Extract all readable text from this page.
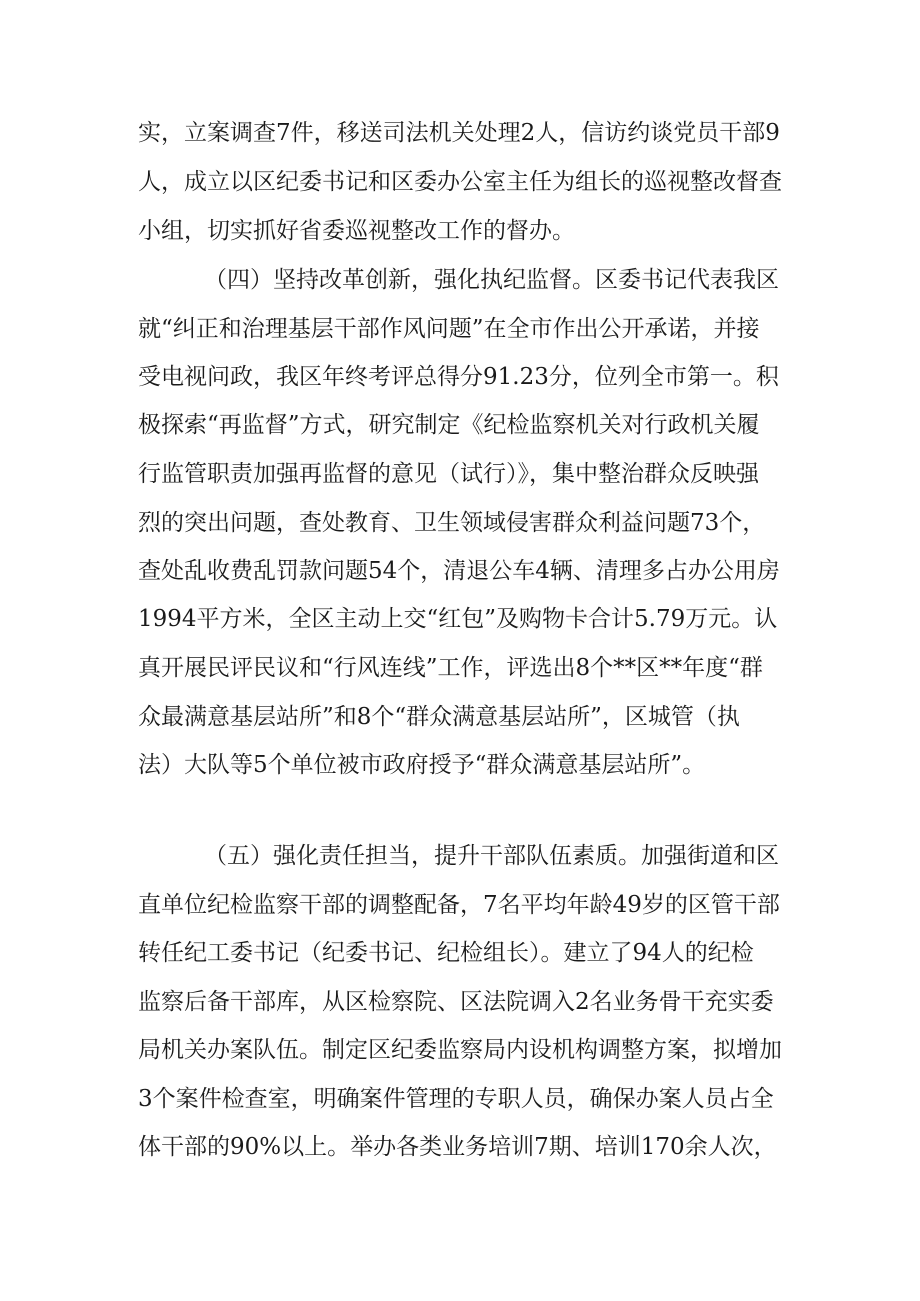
实，立案调查7件，移送司法机关处理2人，信访约谈党员干部9
人，成立以区纪委书记和区委办公室主任为组长的巡视整改督查
小组，切实抓好省委巡视整改工作的督办。
（四）坚持改革创新，强化执纪监督。区委书记代表我区
就“纠正和治理基层干部作风问题”在全市作出公开承诺，并接
受电视问政，我区年终考评总得分91.23分，位列全市第一。积
极探索“再监督”方式，研究制定《纪检监察机关对行政机关履
行监管职责加强再监督的意见（试行）》，集中整治群众反映强
烈的突出问题，查处教育、卫生领域侵害群众利益问题73个，
查处乱收费乱罚款问题54个，清退公车4辆、清理多占办公用房
1994平方米，全区主动上交“红包”及购物卡合计5.79万元。认
真开展民评民议和“行风连线”工作，评选出8个**区**年度“群
众最满意基层站所”和8个“群众满意基层站所”，区城管（执
法）大队等5个单位被市政府授予“群众满意基层站所”。
（五）强化责任担当，提升干部队伍素质。加强街道和区
直单位纪检监察干部的调整配备，7名平均年龄49岁的区管干部
转任纪工委书记（纪委书记、纪检组长）。建立了94人的纪检
监察后备干部库，从区检察院、区法院调入2名业务骨干充实委
局机关办案队伍。制定区纪委监察局内设机构调整方案，拟增加
3个案件检查室，明确案件管理的专职人员，确保办案人员占全
体干部的90%以上。举办各类业务培训7期、培训170余人次，
